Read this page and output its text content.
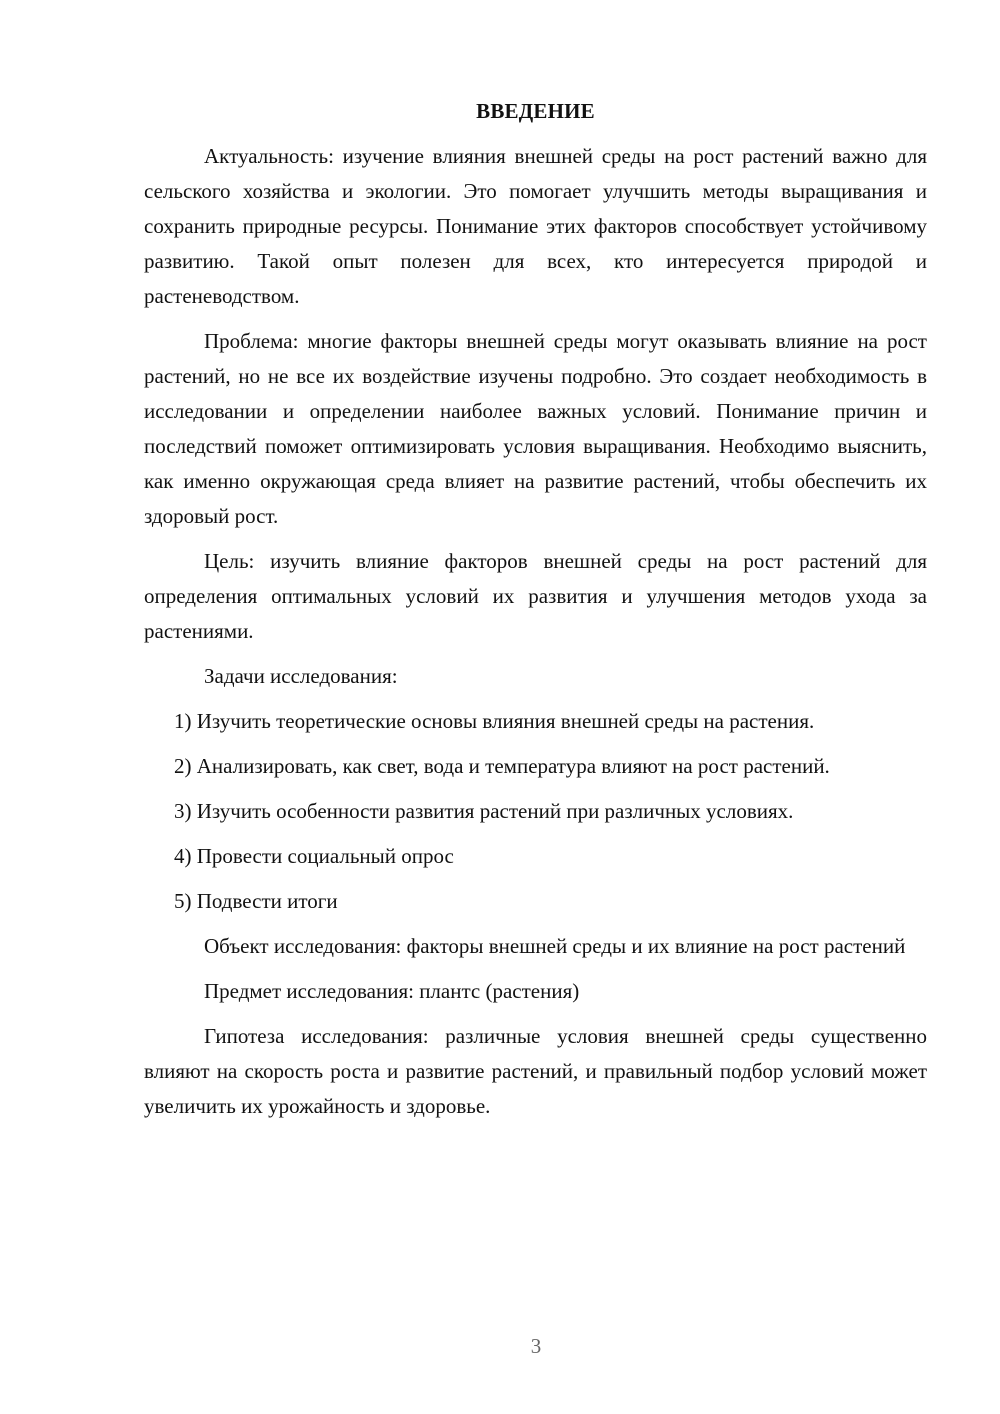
ВВЕДЕНИЕ

Актуальность: изучение влияния внешней среды на рост растений важно для сельского хозяйства и экологии. Это помогает улучшить методы выращивания и сохранить природные ресурсы. Понимание этих факторов способствует устойчивому развитию. Такой опыт полезен для всех, кто интересуется природой и растеневодством.

Проблема: многие факторы внешней среды могут оказывать влияние на рост растений, но не все их воздействие изучены подробно. Это создает необходимость в исследовании и определении наиболее важных условий. Понимание причин и последствий поможет оптимизировать условия выращивания. Необходимо выяснить, как именно окружающая среда влияет на развитие растений, чтобы обеспечить их здоровый рост.

Цель: изучить влияние факторов внешней среды на рост растений для определения оптимальных условий их развития и улучшения методов ухода за растениями.

Задачи исследования:

1) Изучить теоретические основы влияния внешней среды на растения.

2) Анализировать, как свет, вода и температура влияют на рост растений.

3) Изучить особенности развития растений при различных условиях.

4) Провести социальный опрос

5) Подвести итоги

Объект исследования: факторы внешней среды и их влияние на рост растений

Предмет исследования: плантс (растения)

Гипотеза исследования: различные условия внешней среды существенно влияют на скорость роста и развитие растений, и правильный подбор условий может увеличить их урожайность и здоровье.

3
